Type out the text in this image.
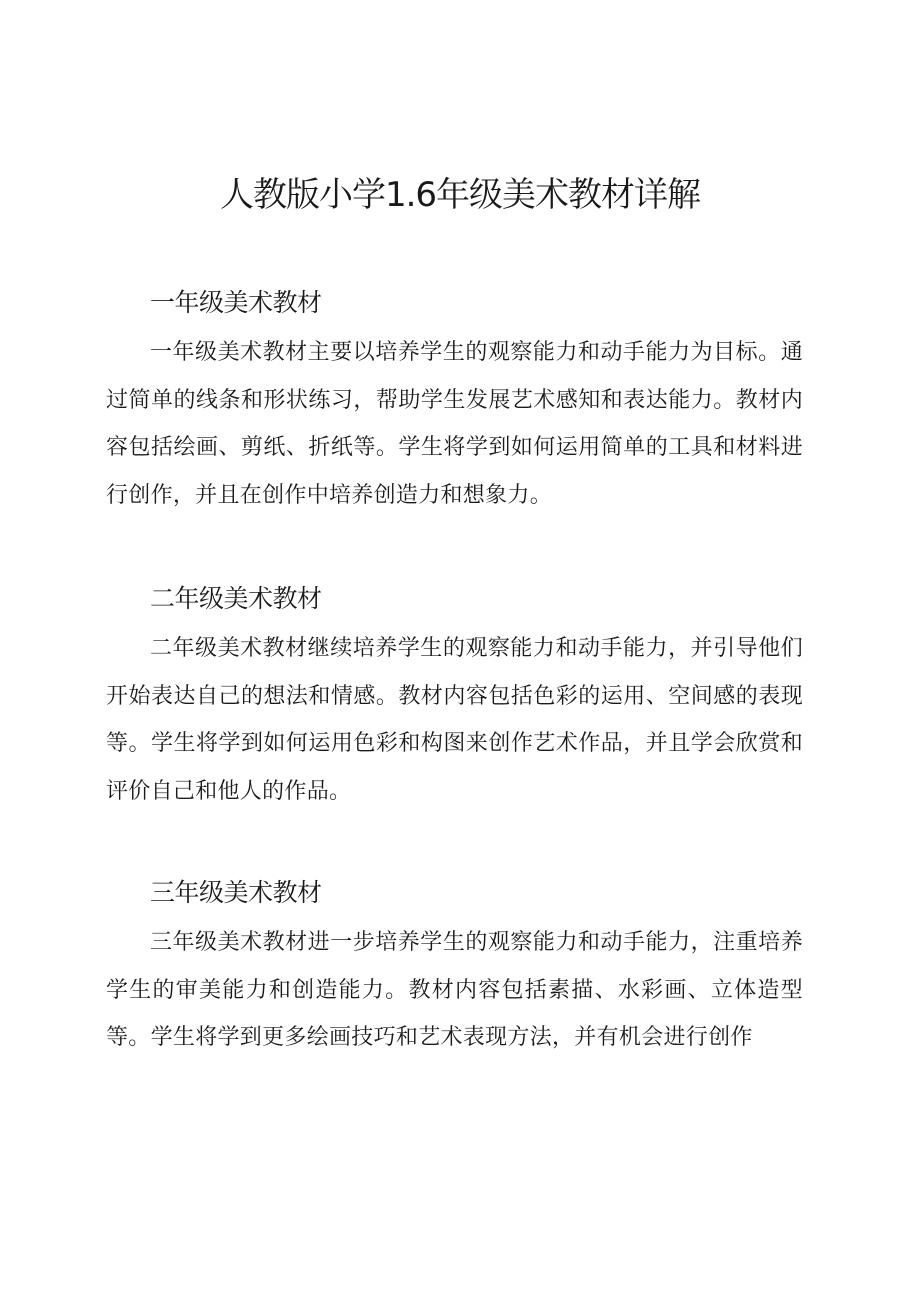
人教版小学1.6年级美术教材详解
一年级美术教材

一年级美术教材主要以培养学生的观察能力和动手能力为目标。通过简单的线条和形状练习，帮助学生发展艺术感知和表达能力。教材内容包括绘画、剪纸、折纸等。学生将学到如何运用简单的工具和材料进行创作，并且在创作中培养创造力和想象力。

二年级美术教材

二年级美术教材继续培养学生的观察能力和动手能力，并引导他们开始表达自己的想法和情感。教材内容包括色彩的运用、空间感的表现等。学生将学到如何运用色彩和构图来创作艺术作品，并且学会欣赏和评价自己和他人的作品。

三年级美术教材

三年级美术教材进一步培养学生的观察能力和动手能力，注重培养学生的审美能力和创造能力。教材内容包括素描、水彩画、立体造型等。学生将学到更多绘画技巧和艺术表现方法，并有机会进行创作
